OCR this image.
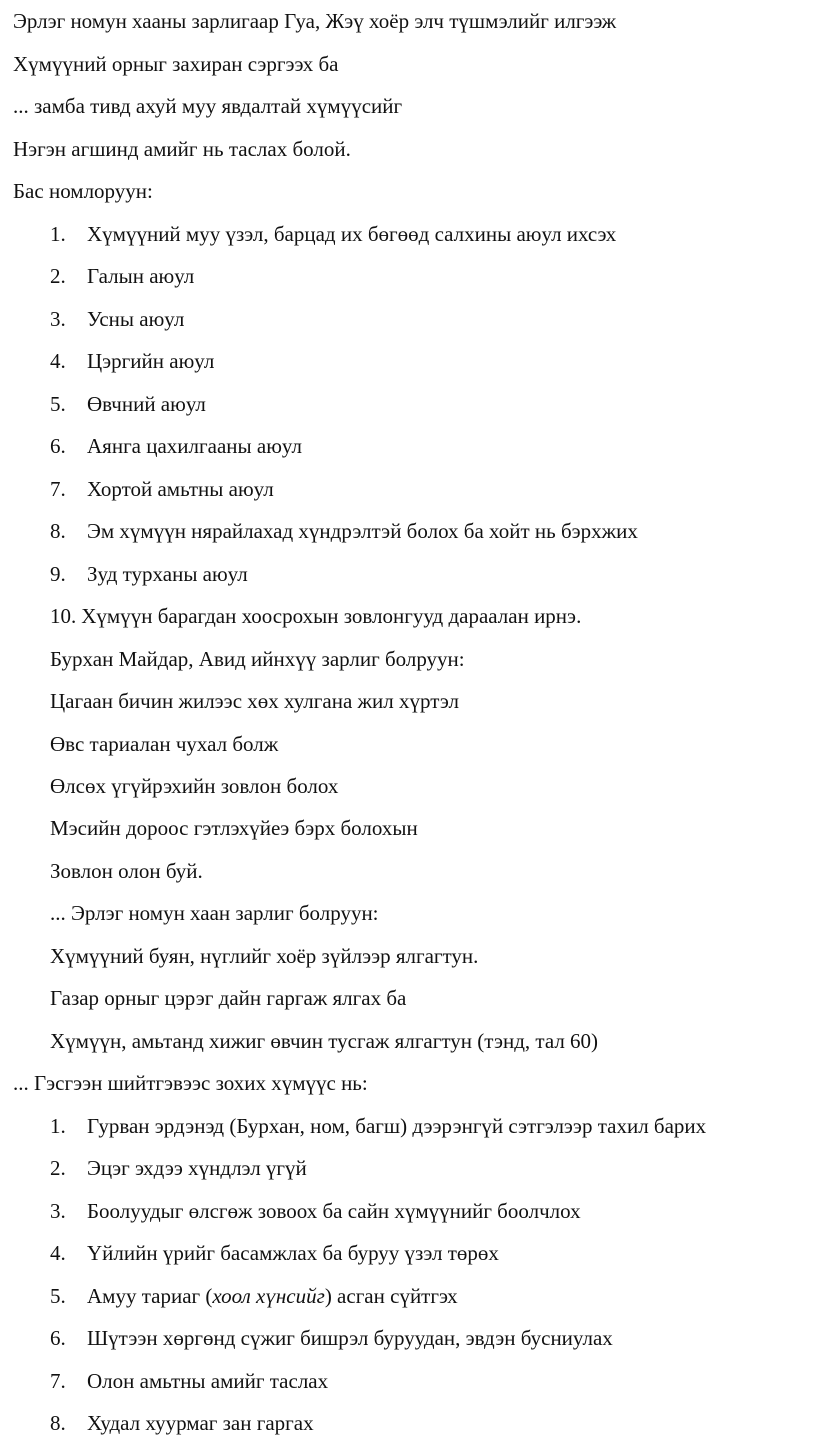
Эрлэг номун хааны зарлигаар Гуа, Жэү хоёр элч түшмэлийг илгээж
Хүмүүний орныг захиран сэргээх ба
... замба тивд ахуй муу явдалтай хүмүүсийг
Нэгэн агшинд амийг нь таслах болой.
Бас номлоруун:
1. Хүмүүний муу үзэл, барцад их бөгөөд салхины аюул ихсэх
2. Галын аюул
3. Усны аюул
4. Цэргийн аюул
5. Өвчний аюул
6. Аянга цахилгааны аюул
7. Хортой амьтны аюул
8. Эм хүмүүн нярайлахад хүндрэлтэй болох ба хойт нь бэрхжих
9. Зуд турханы аюул
10. Хүмүүн барагдан хоосрохын зовлонгууд дараалан ирнэ.
Бурхан Майдар, Авид ийнхүү зарлиг болруун:
Цагаан бичин жилээс хөх хулгана жил хүртэл
Өвс тариалан чухал болж
Өлсөх үгүйрэхийн зовлон болох
Мэсийн дороос гэтлэхүйеэ бэрх болохын
Зовлон олон буй.
... Эрлэг номун хаан зарлиг болруун:
Хүмүүний буян, нүглийг хоёр зүйлээр ялгагтун.
Газар орныг цэрэг дайн гаргаж ялгах ба
Хүмүүн, амьтанд хижиг өвчин тусгаж ялгагтун (тэнд, тал 60)
... Гэсгээн шийтгэвээс зохих хүмүүс нь:
1. Гурван эрдэнэд (Бурхан, ном, багш) дээрэнгүй сэтгэлээр тахил барих
2. Эцэг эхдээ хүндлэл үгүй
3. Боолуудыг өлсгөж зовоох ба сайн хүмүүнийг боолчлох
4. Үйлийн үрийг басамжлах ба буруу үзэл төрөх
5. Амуу тариаг (хоол хүнсийг) асган сүйтгэх
6. Шүтээн хөргөнд сүжиг бишрэл буруудан, эвдэн бусниулах
7. Олон амьтны амийг таслах
8. Худал хуурмаг зан гаргах
